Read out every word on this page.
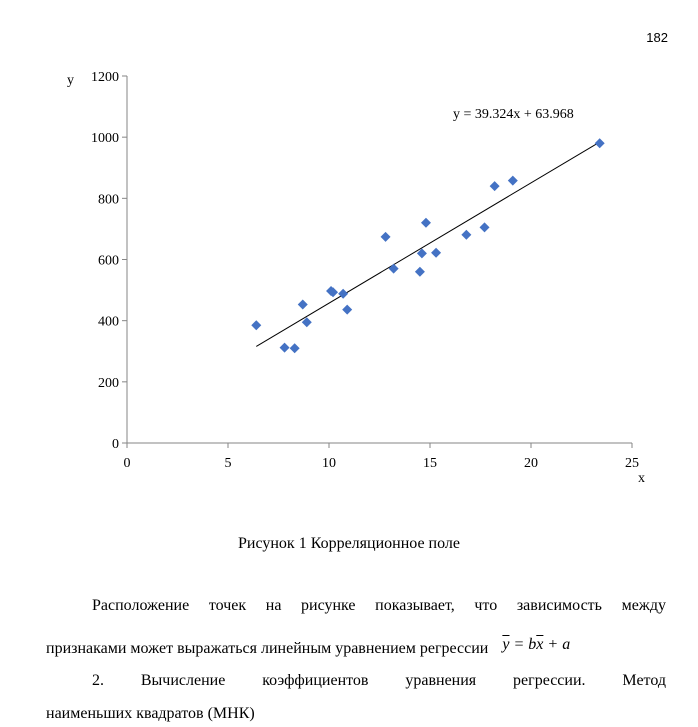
182
0
200
400
600
800
1000
1200
0	5	10	15	20	25
y = 39.324x + 63.968
y
x
Рисунок 1 Корреляционное поле
Расположение точек на рисунке показывает, что зависимость между
признаками может выражаться линейным уравнением регрессии $\overline{y} = b\overline{x} + a$
2. Вычисление коэффициентов уравнения регрессии. Метод
наименьших квадратов (МНК)
